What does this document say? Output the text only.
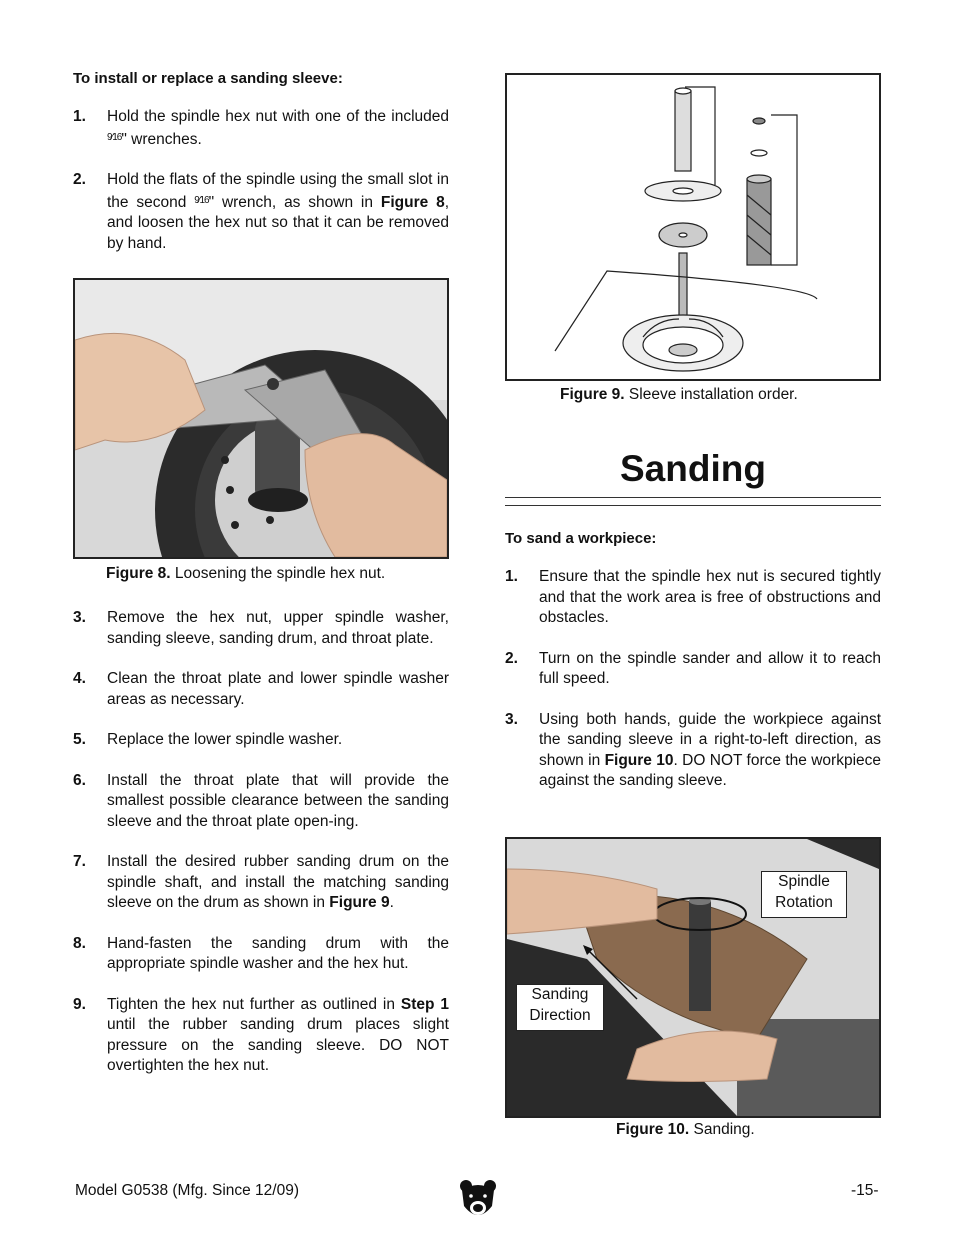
To install or replace a sanding sleeve:
1.	Hold the spindle hex nut with one of the included $^{9⁄16}$" wrenches.
2.	Hold the flats of the spindle using the small slot in the second $^{9⁄16}$" wrench, as shown in Figure 8, and loosen the hex nut so that it can be removed by hand.
Figure 8. Loosening the spindle hex nut.
3.	Remove the hex nut, upper spindle washer, sanding sleeve, sanding drum, and throat plate.
4.	Clean the throat plate and lower spindle washer areas as necessary.
5.	Replace the lower spindle washer.
6.	Install the throat plate that will provide the smallest possible clearance between the sanding sleeve and the throat plate open-ing.
7.	Install the desired rubber sanding drum on the spindle shaft, and install the matching sanding sleeve on the drum as shown in Figure 9.
8.	Hand-fasten the sanding drum with the appropriate spindle washer and the hex hut.
9.	Tighten the hex nut further as outlined in Step 1 until the rubber sanding drum places slight pressure on the sanding sleeve. DO NOT overtighten the hex nut.
Figure 9. Sleeve installation order.
Sanding
To sand a workpiece:
1.	Ensure that the spindle hex nut is secured tightly and that the work area is free of obstructions and obstacles.
2.	Turn on the spindle sander and allow it to reach full speed.
3.	Using both hands, guide the workpiece against the sanding sleeve in a right-to-left direction, as shown in Figure 10. DO NOT force the workpiece against the sanding sleeve.
Spindle
Rotation
Sanding
Direction
Figure 10. Sanding.
Model G0538 (Mfg. Since 12/09)	-15-
